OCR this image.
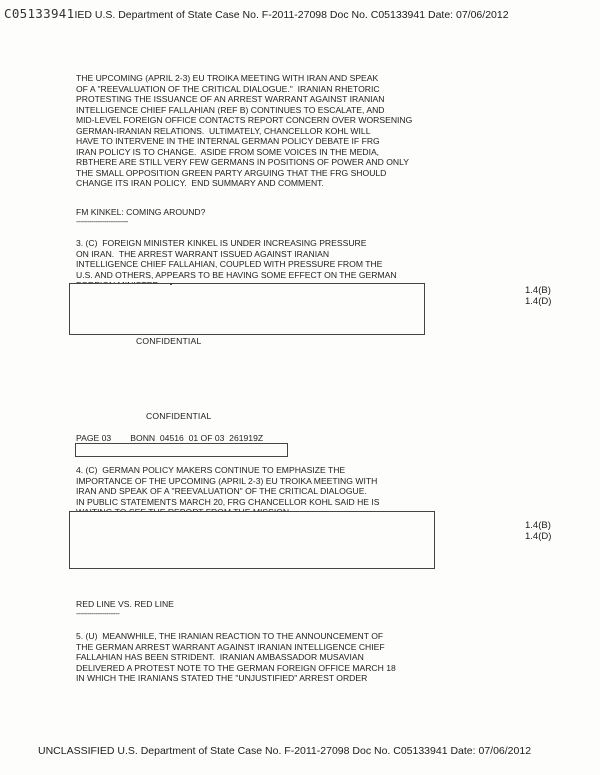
C05133941IED U.S. Department of State Case No. F-2011-27098 Doc No. C05133941 Date: 07/06/2012
THE UPCOMING (APRIL 2-3) EU TROIKA MEETING WITH IRAN AND SPEAK
OF A "REEVALUATION OF THE CRITICAL DIALOGUE."  IRANIAN RHETORIC
PROTESTING THE ISSUANCE OF AN ARREST WARRANT AGAINST IRANIAN
INTELLIGENCE CHIEF FALLAHIAN (REF B) CONTINUES TO ESCALATE, AND
MID-LEVEL FOREIGN OFFICE CONTACTS REPORT CONCERN OVER WORSENING
GERMAN-IRANIAN RELATIONS.  ULTIMATELY, CHANCELLOR KOHL WILL
HAVE TO INTERVENE IN THE INTERNAL GERMAN POLICY DEBATE IF FRG
IRAN POLICY IS TO CHANGE.  ASIDE FROM SOME VOICES IN THE MEDIA,
RBTHERE ARE STILL VERY FEW GERMANS IN POSITIONS OF POWER AND ONLY
THE SMALL OPPOSITION GREEN PARTY ARGUING THAT THE FRG SHOULD
CHANGE ITS IRAN POLICY.  END SUMMARY AND COMMENT.
FM KINKEL: COMING AROUND?
------------------------
3. (C)  FOREIGN MINISTER KINKEL IS UNDER INCREASING PRESSURE
ON IRAN.  THE ARREST WARRANT ISSUED AGAINST IRANIAN
INTELLIGENCE CHIEF FALLAHIAN, COUPLED WITH PRESSURE FROM THE
U.S. AND OTHERS, APPEARS TO BE HAVING SOME EFFECT ON THE GERMAN

1.4(B)
1.4(D)
CONFIDENTIAL
CONFIDENTIAL
PAGE 03        BONN  04516  01 OF 03  261919Z
4. (C)  GERMAN POLICY MAKERS CONTINUE TO EMPHASIZE THE
IMPORTANCE OF THE UPCOMING (APRIL 2-3) EU TROIKA MEETING WITH
IRAN AND SPEAK OF A "REEVALUATION" OF THE CRITICAL DIALOGUE.
IN PUBLIC STATEMENTS MARCH 20, FRG CHANCELLOR KOHL SAID HE IS

1.4(B)
1.4(D)
RED LINE VS. RED LINE
--------------------
5. (U)  MEANWHILE, THE IRANIAN REACTION TO THE ANNOUNCEMENT OF
THE GERMAN ARREST WARRANT AGAINST IRANIAN INTELLIGENCE CHIEF
FALLAHIAN HAS BEEN STRIDENT.  IRANIAN AMBASSADOR MUSAVIAN
DELIVERED A PROTEST NOTE TO THE GERMAN FOREIGN OFFICE MARCH 18
IN WHICH THE IRANIANS STATED THE "UNJUSTIFIED" ARREST ORDER
UNCLASSIFIED U.S. Department of State Case No. F-2011-27098 Doc No. C05133941 Date: 07/06/2012
